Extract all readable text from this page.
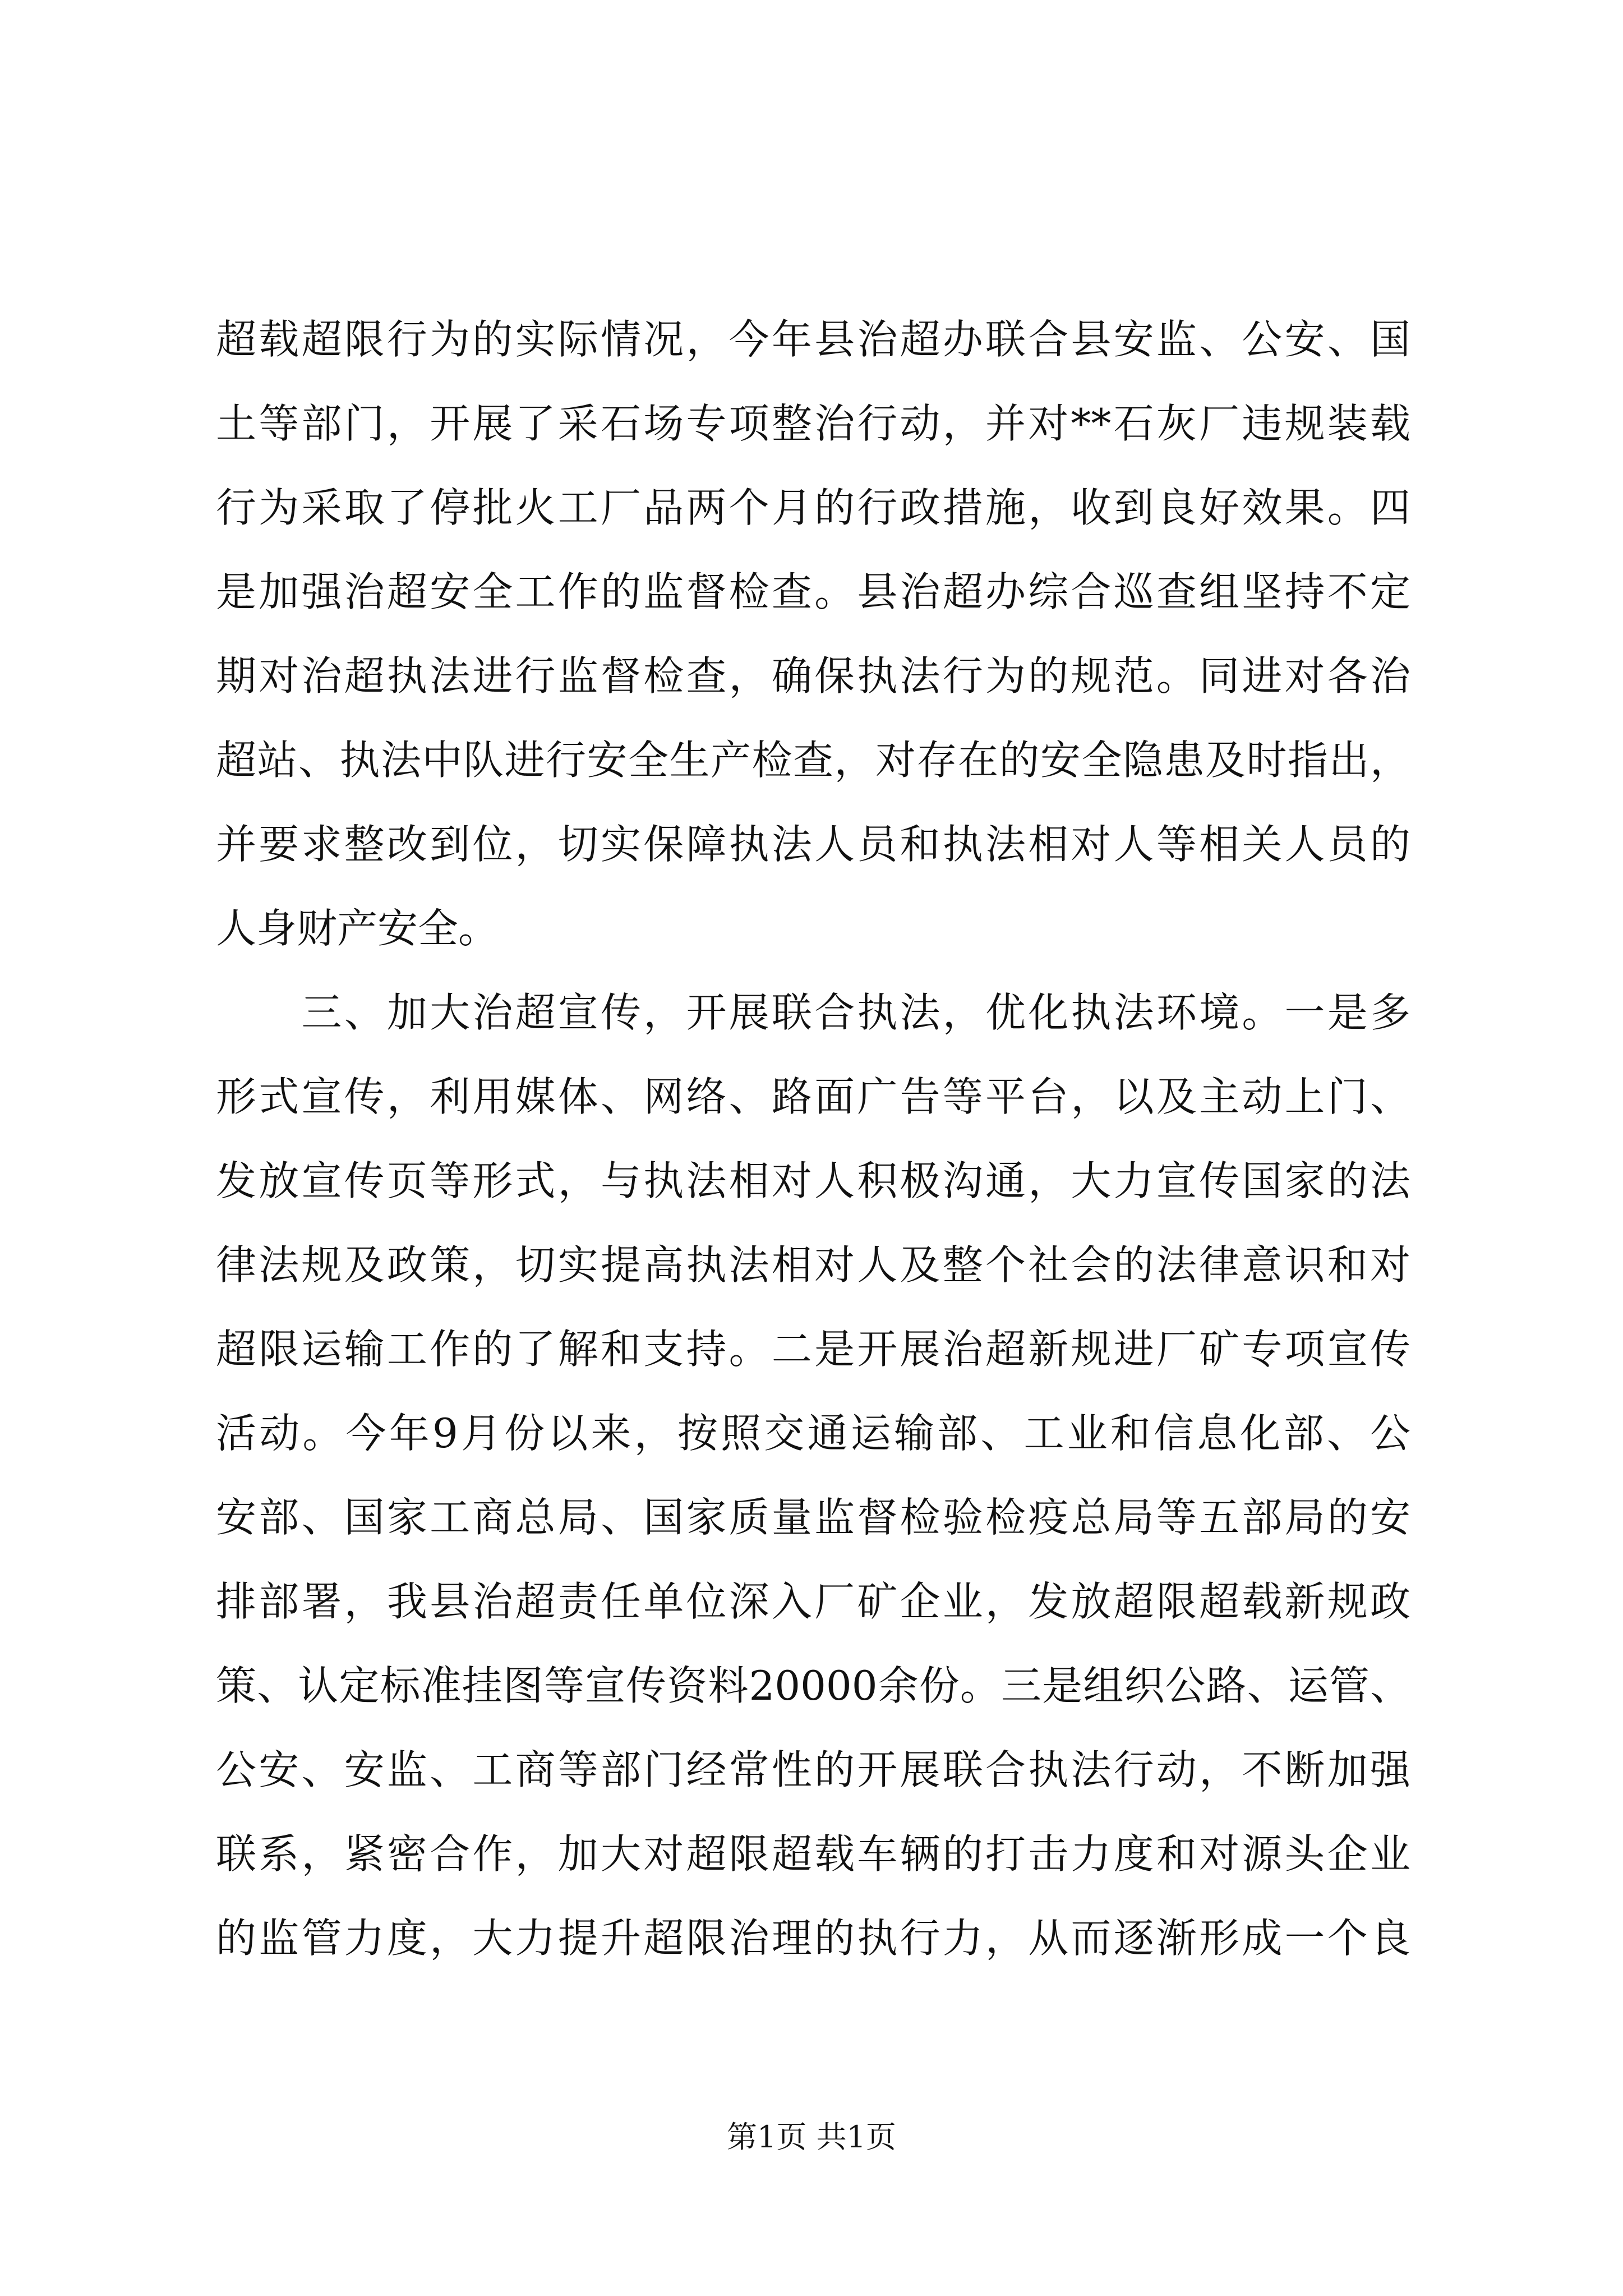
超载超限行为的实际情况，今年县治超办联合县安监、公安、国
土等部门，开展了采石场专项整治行动，并对**石灰厂违规装载
行为采取了停批火工厂品两个月的行政措施，收到良好效果。四
是加强治超安全工作的监督检查。县治超办综合巡查组坚持不定
期对治超执法进行监督检查，确保执法行为的规范。同进对各治
超站、执法中队进行安全生产检查，对存在的安全隐患及时指出，
并要求整改到位，切实保障执法人员和执法相对人等相关人员的
人身财产安全。
　　三、加大治超宣传，开展联合执法，优化执法环境。一是多
形式宣传，利用媒体、网络、路面广告等平台，以及主动上门、
发放宣传页等形式，与执法相对人积极沟通，大力宣传国家的法
律法规及政策，切实提高执法相对人及整个社会的法律意识和对
超限运输工作的了解和支持。二是开展治超新规进厂矿专项宣传
活动。今年9月份以来，按照交通运输部、工业和信息化部、公
安部、国家工商总局、国家质量监督检验检疫总局等五部局的安
排部署，我县治超责任单位深入厂矿企业，发放超限超载新规政
策、认定标准挂图等宣传资料20000余份。三是组织公路、运管、
公安、安监、工商等部门经常性的开展联合执法行动，不断加强
联系，紧密合作，加大对超限超载车辆的打击力度和对源头企业
的监管力度，大力提升超限治理的执行力，从而逐渐形成一个良
第1页 共1页
